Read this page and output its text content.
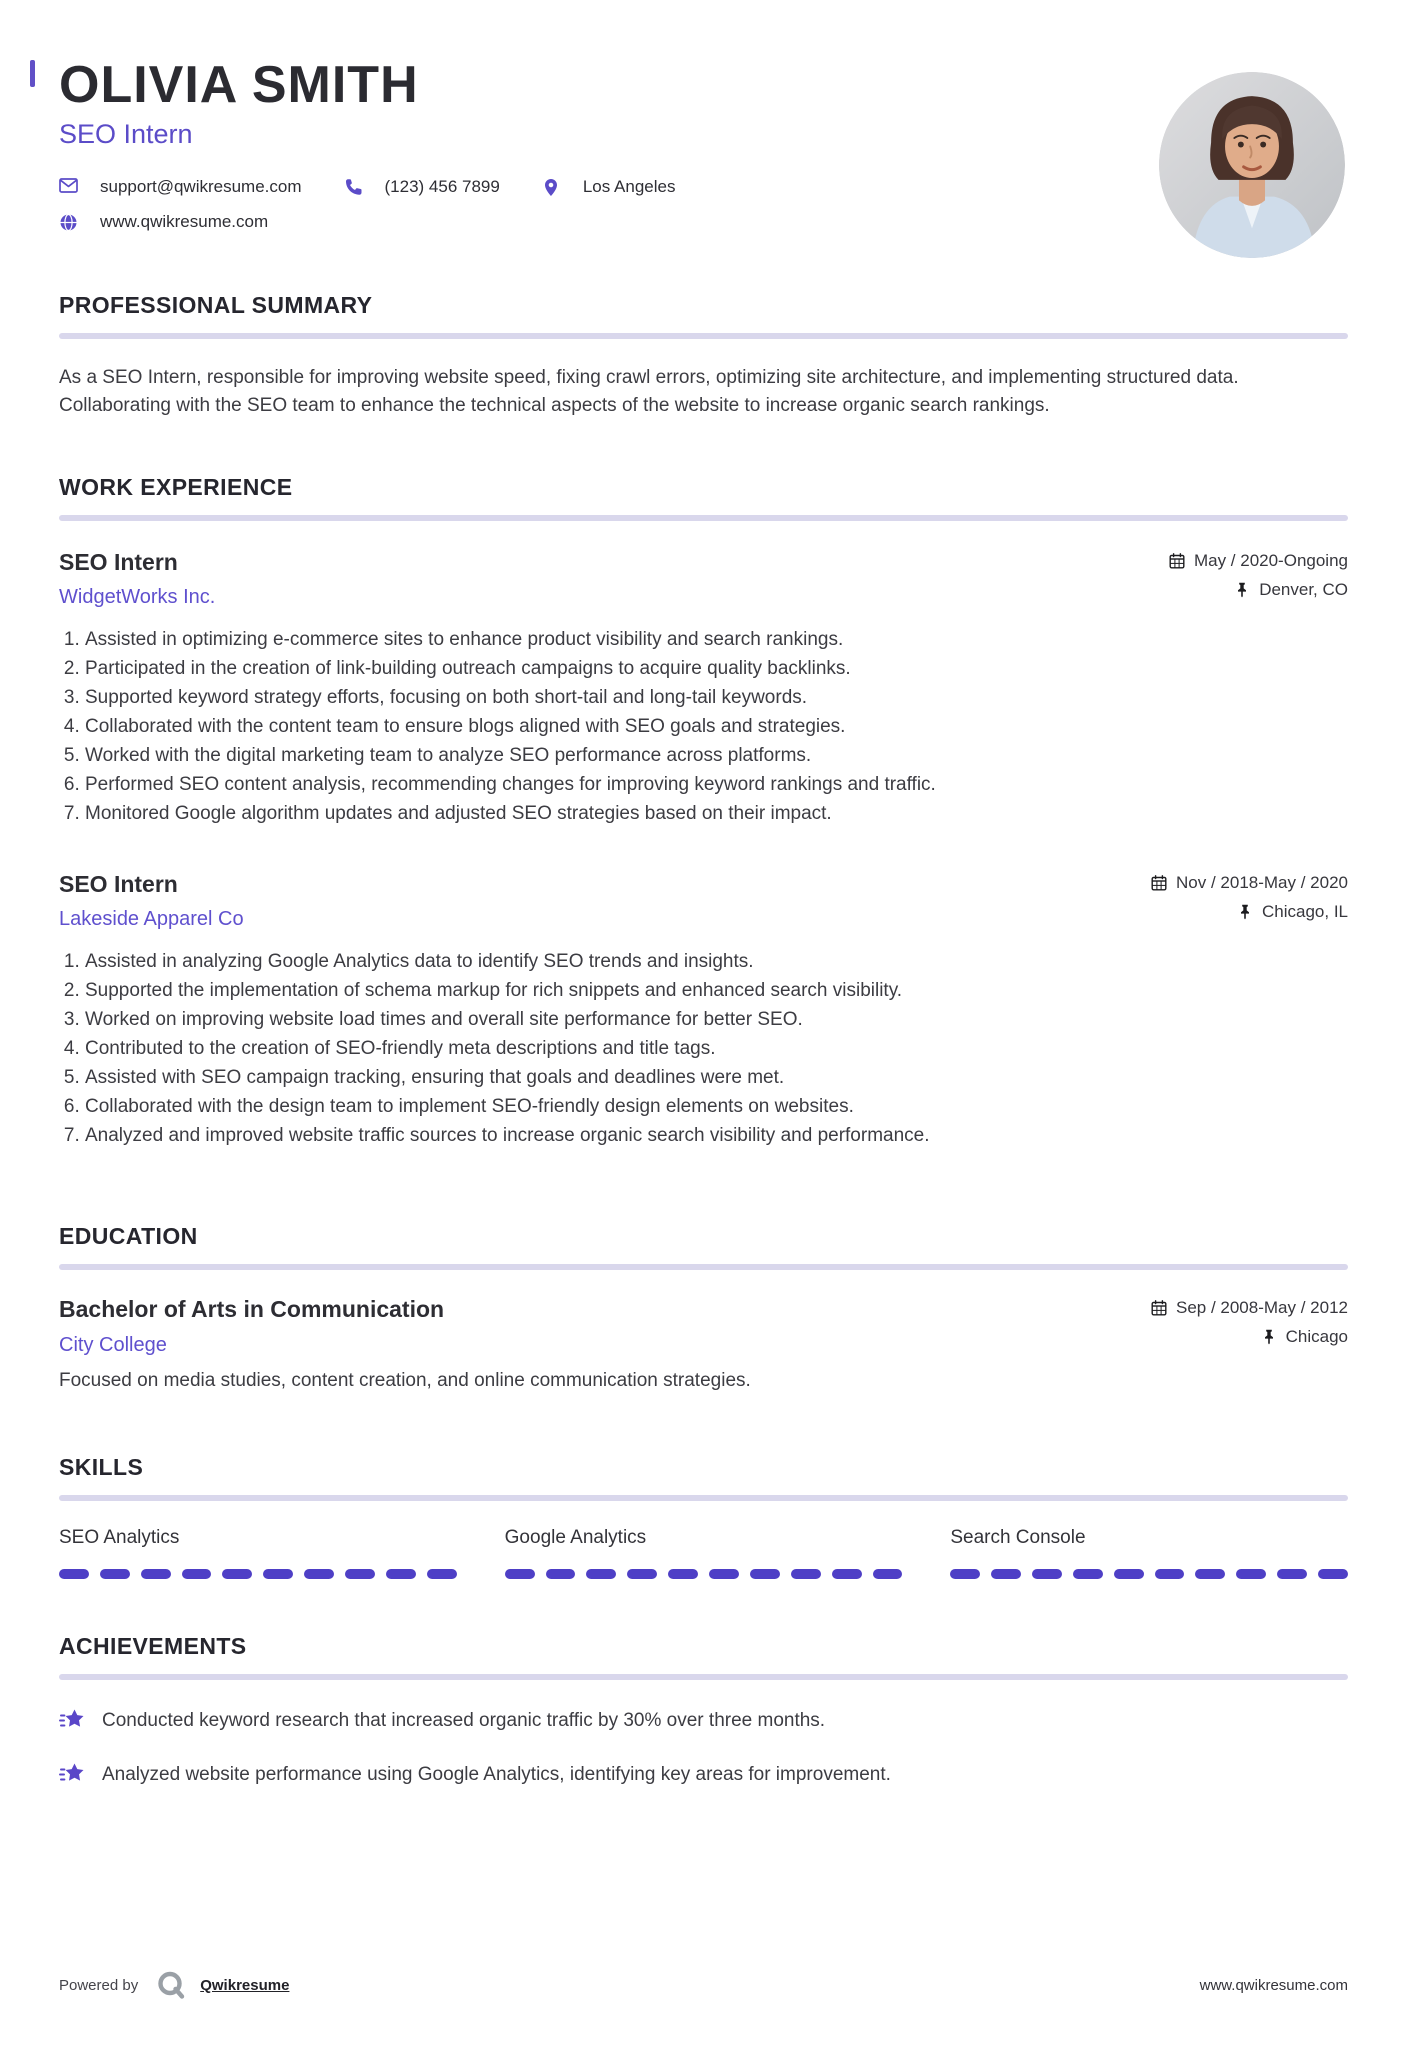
OLIVIA SMITH
SEO Intern
support@qwikresume.com	(123) 456 7899	Los Angeles
www.qwikresume.com
PROFESSIONAL SUMMARY
As a SEO Intern, responsible for improving website speed, fixing crawl errors, optimizing site architecture, and implementing structured data. Collaborating with the SEO team to enhance the technical aspects of the website to increase organic search rankings.
WORK EXPERIENCE
SEO Intern
WidgetWorks Inc.
May / 2020-Ongoing
Denver, CO
1. Assisted in optimizing e-commerce sites to enhance product visibility and search rankings.
2. Participated in the creation of link-building outreach campaigns to acquire quality backlinks.
3. Supported keyword strategy efforts, focusing on both short-tail and long-tail keywords.
4. Collaborated with the content team to ensure blogs aligned with SEO goals and strategies.
5. Worked with the digital marketing team to analyze SEO performance across platforms.
6. Performed SEO content analysis, recommending changes for improving keyword rankings and traffic.
7. Monitored Google algorithm updates and adjusted SEO strategies based on their impact.
SEO Intern
Lakeside Apparel Co
Nov / 2018-May / 2020
Chicago, IL
1. Assisted in analyzing Google Analytics data to identify SEO trends and insights.
2. Supported the implementation of schema markup for rich snippets and enhanced search visibility.
3. Worked on improving website load times and overall site performance for better SEO.
4. Contributed to the creation of SEO-friendly meta descriptions and title tags.
5. Assisted with SEO campaign tracking, ensuring that goals and deadlines were met.
6. Collaborated with the design team to implement SEO-friendly design elements on websites.
7. Analyzed and improved website traffic sources to increase organic search visibility and performance.
EDUCATION
Bachelor of Arts in Communication
City College
Focused on media studies, content creation, and online communication strategies.
Sep / 2008-May / 2012
Chicago
SKILLS
SEO Analytics	Google Analytics	Search Console
ACHIEVEMENTS
Conducted keyword research that increased organic traffic by 30% over three months.
Analyzed website performance using Google Analytics, identifying key areas for improvement.
Powered by	Qwikresume	www.qwikresume.com
